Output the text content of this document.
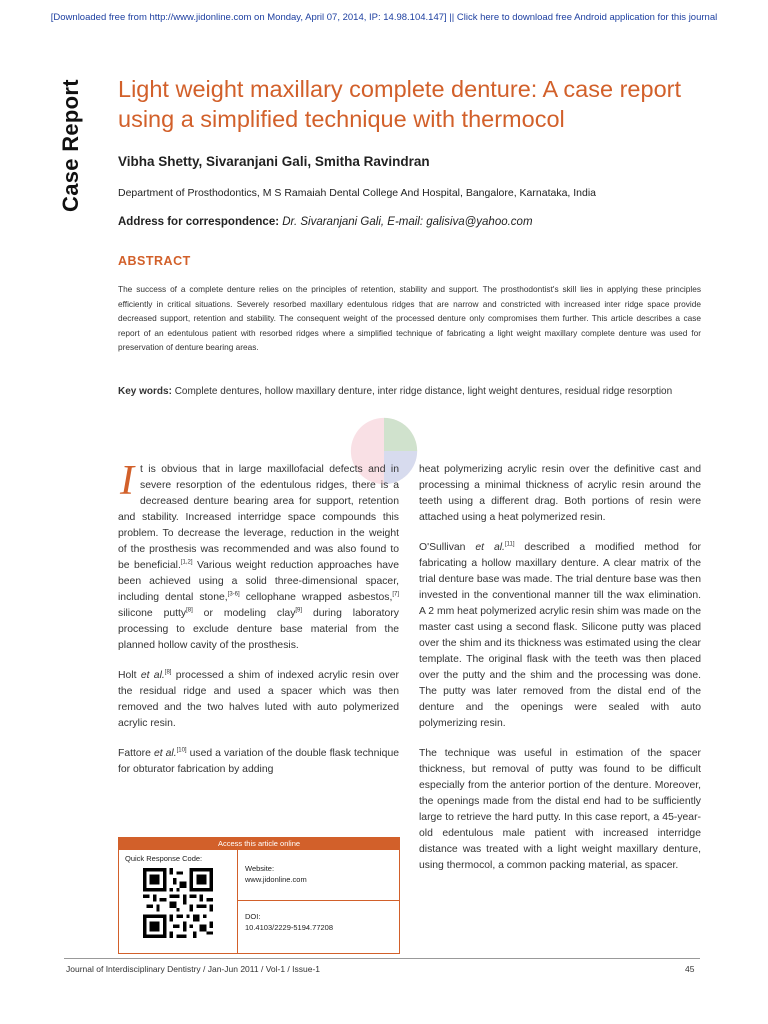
[Downloaded free from http://www.jidonline.com on Monday, April 07, 2014, IP: 14.98.104.147] || Click here to download free Android application for this journal
Case Report Light weight maxillary complete denture: A case report using a simplified technique with thermocol
Vibha Shetty, Sivaranjani Gali, Smitha Ravindran
Department of Prosthodontics, M S Ramaiah Dental College And Hospital, Bangalore, Karnataka, India
Address for correspondence: Dr. Sivaranjani Gali, E-mail: galisiva@yahoo.com
ABSTRACT

The success of a complete denture relies on the principles of retention, stability and support. The prosthodontist's skill lies in applying these principles efficiently in critical situations. Severely resorbed maxillary edentulous ridges that are narrow and constricted with increased inter ridge space provide decreased support, retention and stability. The consequent weight of the processed denture only compromises them further. This article describes a case report of an edentulous patient with resorbed ridges where a simplified technique of fabricating a light weight maxillary complete denture was used for preservation of denture bearing areas.

Key words: Complete dentures, hollow maxillary denture, inter ridge distance, light weight dentures, residual ridge resorption

It is obvious that in large maxillofacial defects and in severe resorption of the edentulous ridges, there is a decreased denture bearing area for support, retention and stability. Increased interridge space compounds this problem. To decrease the leverage, reduction in the weight of the prosthesis was recommended and was also found to be beneficial.[1,2] Various weight reduction approaches have been achieved using a solid three-dimensional spacer, including dental stone,[3-6] cellophane wrapped asbestos,[7] silicone putty[8] or modeling clay[9] during laboratory processing to exclude denture base material from the planned hollow cavity of the prosthesis.

Holt et al.[8] processed a shim of indexed acrylic resin over the residual ridge and used a spacer which was then removed and the two halves luted with auto polymerized acrylic resin.

Fattore et al.[10] used a variation of the double flask technique for obturator fabrication by adding

heat polymerizing acrylic resin over the definitive cast and processing a minimal thickness of acrylic resin around the teeth using a different drag. Both portions of resin were attached using a heat polymerized resin.

O'Sullivan et al.[11] described a modified method for fabricating a hollow maxillary denture. A clear matrix of the trial denture base was made. The trial denture base was then invested in the conventional manner till the wax elimination. A 2 mm heat polymerized acrylic resin shim was made on the master cast using a second flask. Silicone putty was placed over the shim and its thickness was estimated using the clear template. The original flask with the teeth was then placed over the putty and the shim and the processing was done. The putty was later removed from the distal end of the denture and the openings were sealed with auto polymerizing resin.

The technique was useful in estimation of the spacer thickness, but removal of putty was found to be difficult especially from the anterior portion of the denture. Moreover, the openings made from the distal end had to be sufficiently large to retrieve the hard putty. In this case report, a 45-year-old edentulous male patient with increased interridge distance was treated with a light weight maxillary denture, using thermocol, a common packing material, as spacer.

Access this article online
Quick Response Code:
Website:
www.jidonline.com
DOI:
10.4103/2229-5194.77208
Journal of Interdisciplinary Dentistry / Jan-Jun 2011 / Vol-1 / Issue-1	45
